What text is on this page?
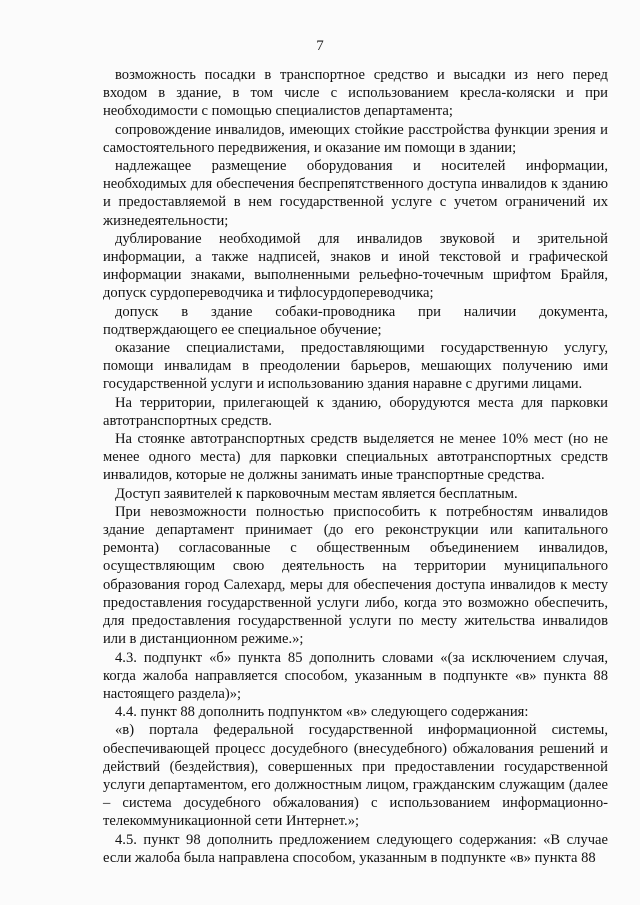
7

возможность посадки в транспортное средство и высадки из него перед входом в здание, в том числе с использованием кресла-коляски и при необходимости с помощью специалистов департамента;

сопровождение инвалидов, имеющих стойкие расстройства функции зрения и самостоятельного передвижения, и оказание им помощи в здании;

надлежащее размещение оборудования и носителей информации, необходимых для обеспечения беспрепятственного доступа инвалидов к зданию и предоставляемой в нем государственной услуге с учетом ограничений их жизнедеятельности;

дублирование необходимой для инвалидов звуковой и зрительной информации, а также надписей, знаков и иной текстовой и графической информации знаками, выполненными рельефно-точечным шрифтом Брайля, допуск сурдопереводчика и тифлосурдопереводчика;

допуск в здание собаки-проводника при наличии документа, подтверждающего ее специальное обучение;

оказание специалистами, предоставляющими государственную услугу, помощи инвалидам в преодолении барьеров, мешающих получению ими государственной услуги и использованию здания наравне с другими лицами.

На территории, прилегающей к зданию, оборудуются места для парковки автотранспортных средств.

На стоянке автотранспортных средств выделяется не менее 10% мест (но не менее одного места) для парковки специальных автотранспортных средств инвалидов, которые не должны занимать иные транспортные средства.

Доступ заявителей к парковочным местам является бесплатным.

При невозможности полностью приспособить к потребностям инвалидов здание департамент принимает (до его реконструкции или капитального ремонта) согласованные с общественным объединением инвалидов, осуществляющим свою деятельность на территории муниципального образования город Салехард, меры для обеспечения доступа инвалидов к месту предоставления государственной услуги либо, когда это возможно обеспечить, для предоставления государственной услуги по месту жительства инвалидов или в дистанционном режиме.»;

4.3. подпункт «б» пункта 85 дополнить словами «(за исключением случая, когда жалоба направляется способом, указанным в подпункте «в» пункта 88 настоящего раздела)»;

4.4. пункт 88 дополнить подпунктом «в» следующего содержания:

«в) портала федеральной государственной информационной системы, обеспечивающей процесс досудебного (внесудебного) обжалования решений и действий (бездействия), совершенных при предоставлении государственной услуги департаментом, его должностным лицом, гражданским служащим (далее – система досудебного обжалования) с использованием информационно-телекоммуникационной сети Интернет.»;

4.5. пункт 98 дополнить предложением следующего содержания: «В случае если жалоба была направлена способом, указанным в подпункте «в» пункта 88
